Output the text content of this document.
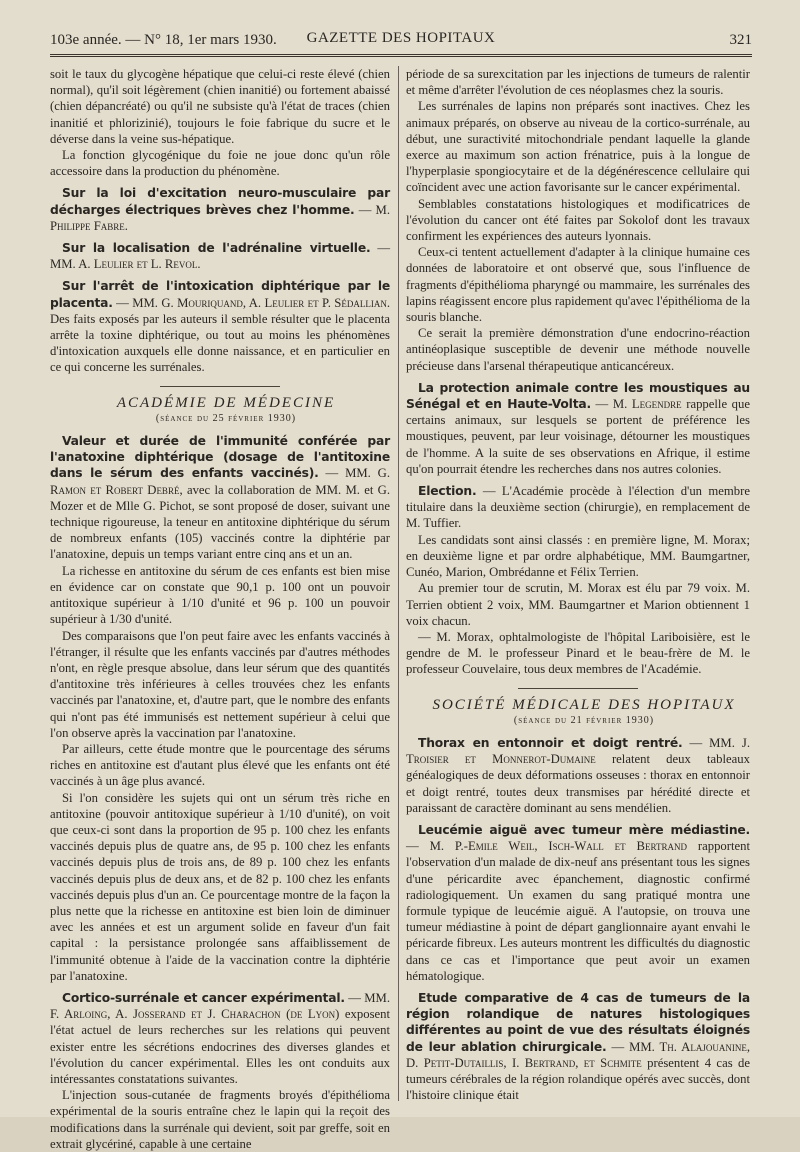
103e année. — N° 18, 1er mars 1930.	GAZETTE DES HOPITAUX	321

soit le taux du glycogène hépatique que celui-ci reste élevé (chien normal), qu'il soit légèrement (chien inanitié) ou fortement abaissé (chien dépancréaté) ou qu'il ne subsiste qu'à l'état de traces (chien inanitié et phlorizinié), toujours le foie fabrique du sucre et le déverse dans la veine sus-hépatique.

La fonction glycogénique du foie ne joue donc qu'un rôle accessoire dans la production du phénomène.

Sur la loi d'excitation neuro-musculaire par décharges électriques brèves chez l'homme. — M. Philippe Fabre.

Sur la localisation de l'adrénaline virtuelle. — MM. A. Leulier et L. Revol.

Sur l'arrêt de l'intoxication diphtérique par le placenta. — MM. G. Mouriquand, A. Leulier et P. Sédallian. Des faits exposés par les auteurs il semble résulter que le placenta arrête la toxine diphtérique, ou tout au moins les phénomènes d'intoxication auxquels elle donne naissance, et en particulier en ce qui concerne les surrénales.

ACADÉMIE DE MÉDECINE

(séance du 25 février 1930)

Valeur et durée de l'immunité conférée par l'anatoxine diphtérique (dosage de l'antitoxine dans le sérum des enfants vaccinés). — MM. G. Ramon et Robert Debré, avec la collaboration de MM. M. et G. Mozer et de Mlle G. Pichot, se sont proposé de doser, suivant une technique rigoureuse, la teneur en antitoxine diphtérique du sérum de nombreux enfants (105) vaccinés contre la diphtérie par l'anatoxine, depuis un temps variant entre cinq ans et un an.

La richesse en antitoxine du sérum de ces enfants est bien mise en évidence car on constate que 90,1 p. 100 ont un pouvoir antitoxique supérieur à 1/10 d'unité et 96 p. 100 un pouvoir supérieur à 1/30 d'unité.

Des comparaisons que l'on peut faire avec les enfants vaccinés à l'étranger, il résulte que les enfants vaccinés par d'autres méthodes n'ont, en règle presque absolue, dans leur sérum que des quantités d'antitoxine très inférieures à celles trouvées chez les enfants vaccinés par l'anatoxine, et, d'autre part, que le nombre des enfants qui n'ont pas été immunisés est nettement supérieur à celui que l'on observe après la vaccination par l'anatoxine.

Par ailleurs, cette étude montre que le pourcentage des sérums riches en antitoxine est d'autant plus élevé que les enfants ont été vaccinés à un âge plus avancé.

Si l'on considère les sujets qui ont un sérum très riche en antitoxine (pouvoir antitoxique supérieur à 1/10 d'unité), on voit que ceux-ci sont dans la proportion de 95 p. 100 chez les enfants vaccinés depuis plus de quatre ans, de 95 p. 100 chez les enfants vaccinés depuis plus de trois ans, de 89 p. 100 chez les enfants vaccinés depuis plus de deux ans, et de 82 p. 100 chez les enfants vaccinés depuis plus d'un an. Ce pourcentage montre de la façon la plus nette que la richesse en antitoxine est bien loin de diminuer avec les années et est un argument solide en faveur d'un fait capital : la persistance prolongée sans affaiblissement de l'immunité obtenue à l'aide de la vaccination contre la diphtérie par l'anatoxine.

Cortico-surrénale et cancer expérimental. — MM. F. Arloing, A. Josserand et J. Charachon (de Lyon) exposent l'état actuel de leurs recherches sur les relations qui peuvent exister entre les sécrétions endocrines des diverses glandes et l'évolution du cancer expérimental. Elles les ont conduits aux intéressantes constatations suivantes.

L'injection sous-cutanée de fragments broyés d'épithélioma expérimental de la souris entraîne chez le lapin qui la reçoit des modifications dans la surrénale qui devient, soit par greffe, soit en extrait glycériné, capable à une certaine

période de sa surexcitation par les injections de tumeurs de ralentir et même d'arrêter l'évolution de ces néoplasmes chez la souris.

Les surrénales de lapins non préparés sont inactives. Chez les animaux préparés, on observe au niveau de la cortico-surrénale, au début, une suractivité mitochondriale pendant laquelle la glande exerce au maximum son action frénatrice, puis à la longue de l'hyperplasie spongiocytaire et de la dégénérescence cellulaire qui coïncident avec une action favorisante sur le cancer expérimental.

Semblables constatations histologiques et modificatrices de l'évolution du cancer ont été faites par Sokolof dont les travaux confirment les expériences des auteurs lyonnais.

Ceux-ci tentent actuellement d'adapter à la clinique humaine ces données de laboratoire et ont observé que, sous l'influence de fragments d'épithélioma pharyngé ou mammaire, les surrénales des lapins réagissent encore plus rapidement qu'avec l'épithélioma de la souris blanche.

Ce serait la première démonstration d'une endocrino-réaction antinéoplasique susceptible de devenir une méthode nouvelle précieuse dans l'arsenal thérapeutique anticancéreux.

La protection animale contre les moustiques au Sénégal et en Haute-Volta. — M. Legendre rappelle que certains animaux, sur lesquels se portent de préférence les moustiques, peuvent, par leur voisinage, détourner les moustiques de l'homme. A la suite de ses observations en Afrique, il estime qu'on pourrait étendre les recherches dans nos autres colonies.

Election. — L'Académie procède à l'élection d'un membre titulaire dans la deuxième section (chirurgie), en remplacement de M. Tuffier.

Les candidats sont ainsi classés : en première ligne, M. Morax; en deuxième ligne et par ordre alphabétique, MM. Baumgartner, Cunéo, Marion, Ombrédanne et Félix Terrien.

Au premier tour de scrutin, M. Morax est élu par 79 voix. M. Terrien obtient 2 voix, MM. Baumgartner et Marion obtiennent 1 voix chacun.

— M. Morax, ophtalmologiste de l'hôpital Lariboisière, est le gendre de M. le professeur Pinard et le beau-frère de M. le professeur Couvelaire, tous deux membres de l'Académie.

SOCIÉTÉ MÉDICALE DES HOPITAUX

(séance du 21 février 1930)

Thorax en entonnoir et doigt rentré. — MM. J. Troisier et Monnerot-Dumaine relatent deux tableaux généalogiques de deux déformations osseuses : thorax en entonnoir et doigt rentré, toutes deux transmises par hérédité directe et paraissant de caractère dominant au sens mendélien.

Leucémie aiguë avec tumeur mère médiastine. — M. P.-Emile Weil, Isch-Wall et Bertrand rapportent l'observation d'un malade de dix-neuf ans présentant tous les signes d'une péricardite avec épanchement, diagnostic confirmé radiologiquement. Un examen du sang pratiqué montra une formule typique de leucémie aiguë. A l'autopsie, on trouva une tumeur médiastine à point de départ ganglionnaire ayant envahi le péricarde fibreux. Les auteurs montrent les difficultés du diagnostic dans ce cas et l'importance que peut avoir un examen hématologique.

Etude comparative de 4 cas de tumeurs de la région rolandique de natures histologiques différentes au point de vue des résultats éloignés de leur ablation chirurgicale. — MM. Th. Alajouanine, D. Petit-Dutaillis, I. Bertrand, et Schmite présentent 4 cas de tumeurs cérébrales de la région rolandique opérés avec succès, dont l'histoire clinique était
